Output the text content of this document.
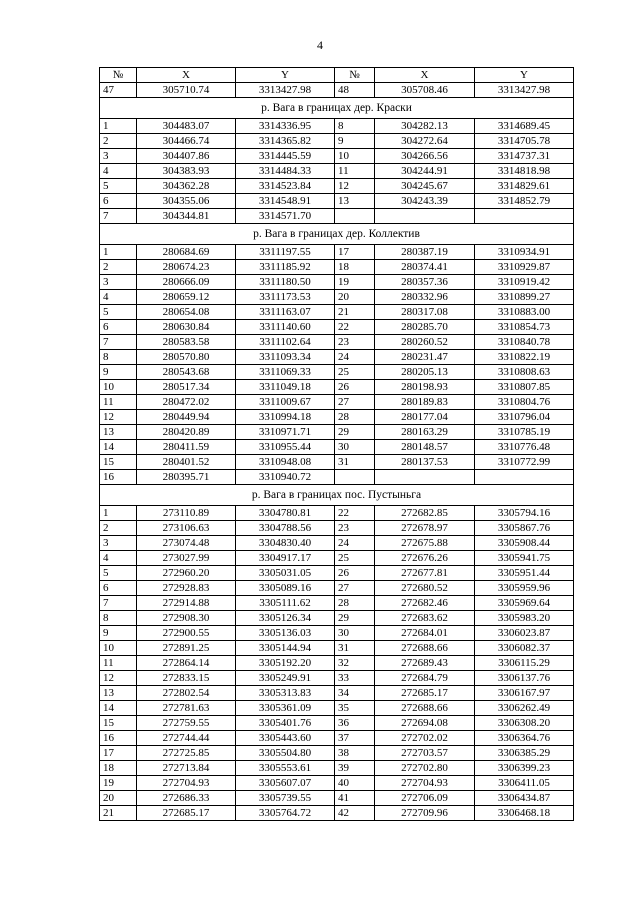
4
№	X	Y	№	X	Y
47	305710.74	3313427.98	48	305708.46	3313427.98
р. Вага в границах дер. Краски					
1	304483.07	3314336.95	8	304282.13	3314689.45
2	304466.74	3314365.82	9	304272.64	3314705.78
3	304407.86	3314445.59	10	304266.56	3314737.31
4	304383.93	3314484.33	11	304244.91	3314818.98
5	304362.28	3314523.84	12	304245.67	3314829.61
6	304355.06	3314548.91	13	304243.39	3314852.79
7	304344.81	3314571.70			
р. Вага в границах дер. Коллектив					
1	280684.69	3311197.55	17	280387.19	3310934.91
2	280674.23	3311185.92	18	280374.41	3310929.87
3	280666.09	3311180.50	19	280357.36	3310919.42
4	280659.12	3311173.53	20	280332.96	3310899.27
5	280654.08	3311163.07	21	280317.08	3310883.00
6	280630.84	3311140.60	22	280285.70	3310854.73
7	280583.58	3311102.64	23	280260.52	3310840.78
8	280570.80	3311093.34	24	280231.47	3310822.19
9	280543.68	3311069.33	25	280205.13	3310808.63
10	280517.34	3311049.18	26	280198.93	3310807.85
11	280472.02	3311009.67	27	280189.83	3310804.76
12	280449.94	3310994.18	28	280177.04	3310796.04
13	280420.89	3310971.71	29	280163.29	3310785.19
14	280411.59	3310955.44	30	280148.57	3310776.48
15	280401.52	3310948.08	31	280137.53	3310772.99
16	280395.71	3310940.72			
р. Вага в границах пос. Пустыньга					
1	273110.89	3304780.81	22	272682.85	3305794.16
2	273106.63	3304788.56	23	272678.97	3305867.76
3	273074.48	3304830.40	24	272675.88	3305908.44
4	273027.99	3304917.17	25	272676.26	3305941.75
5	272960.20	3305031.05	26	272677.81	3305951.44
6	272928.83	3305089.16	27	272680.52	3305959.96
7	272914.88	3305111.62	28	272682.46	3305969.64
8	272908.30	3305126.34	29	272683.62	3305983.20
9	272900.55	3305136.03	30	272684.01	3306023.87
10	272891.25	3305144.94	31	272688.66	3306082.37
11	272864.14	3305192.20	32	272689.43	3306115.29
12	272833.15	3305249.91	33	272684.79	3306137.76
13	272802.54	3305313.83	34	272685.17	3306167.97
14	272781.63	3305361.09	35	272688.66	3306262.49
15	272759.55	3305401.76	36	272694.08	3306308.20
16	272744.44	3305443.60	37	272702.02	3306364.76
17	272725.85	3305504.80	38	272703.57	3306385.29
18	272713.84	3305553.61	39	272702.80	3306399.23
19	272704.93	3305607.07	40	272704.93	3306411.05
20	272686.33	3305739.55	41	272706.09	3306434.87
21	272685.17	3305764.72	42	272709.96	3306468.18
